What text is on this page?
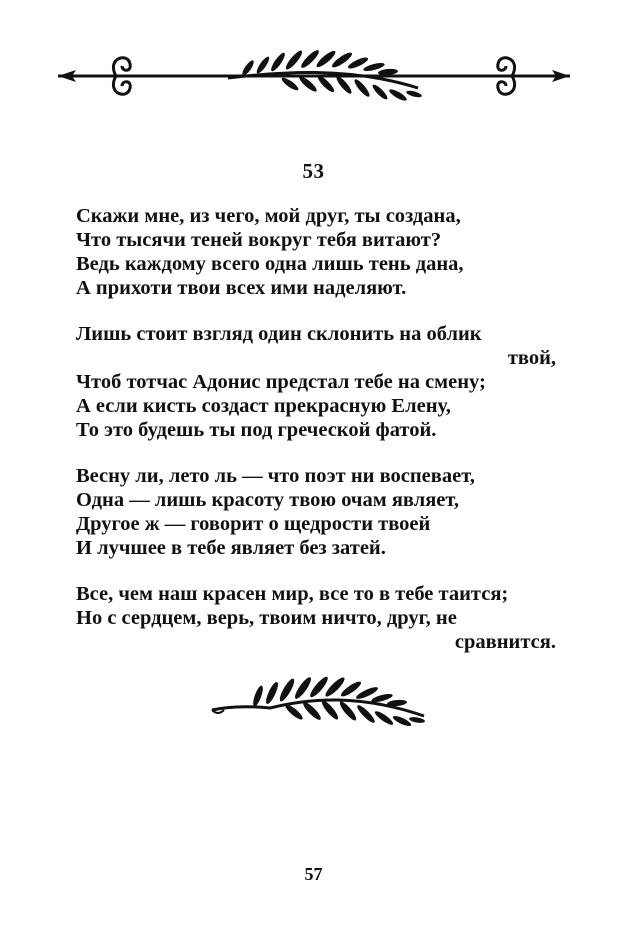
53
Скажи мне, из чего, мой друг, ты создана,
Что тысячи теней вокруг тебя витают?
Ведь каждому всего одна лишь тень дана,
А прихоти твои всех ими наделяют.
Лишь стоит взгляд один склонить на облик
твой,
Чтоб тотчас Адонис предстал тебе на смену;
А если кисть создаст прекрасную Елену,
То это будешь ты под греческой фатой.
Весну ли, лето ль — что поэт ни воспевает,
Одна — лишь красоту твою очам являет,
Другое ж — говорит о щедрости твоей
И лучшее в тебе являет без затей.
Все, чем наш красен мир, все то в тебе таится;
Но с сердцем, верь, твоим ничто, друг, не
сравнится.
57
